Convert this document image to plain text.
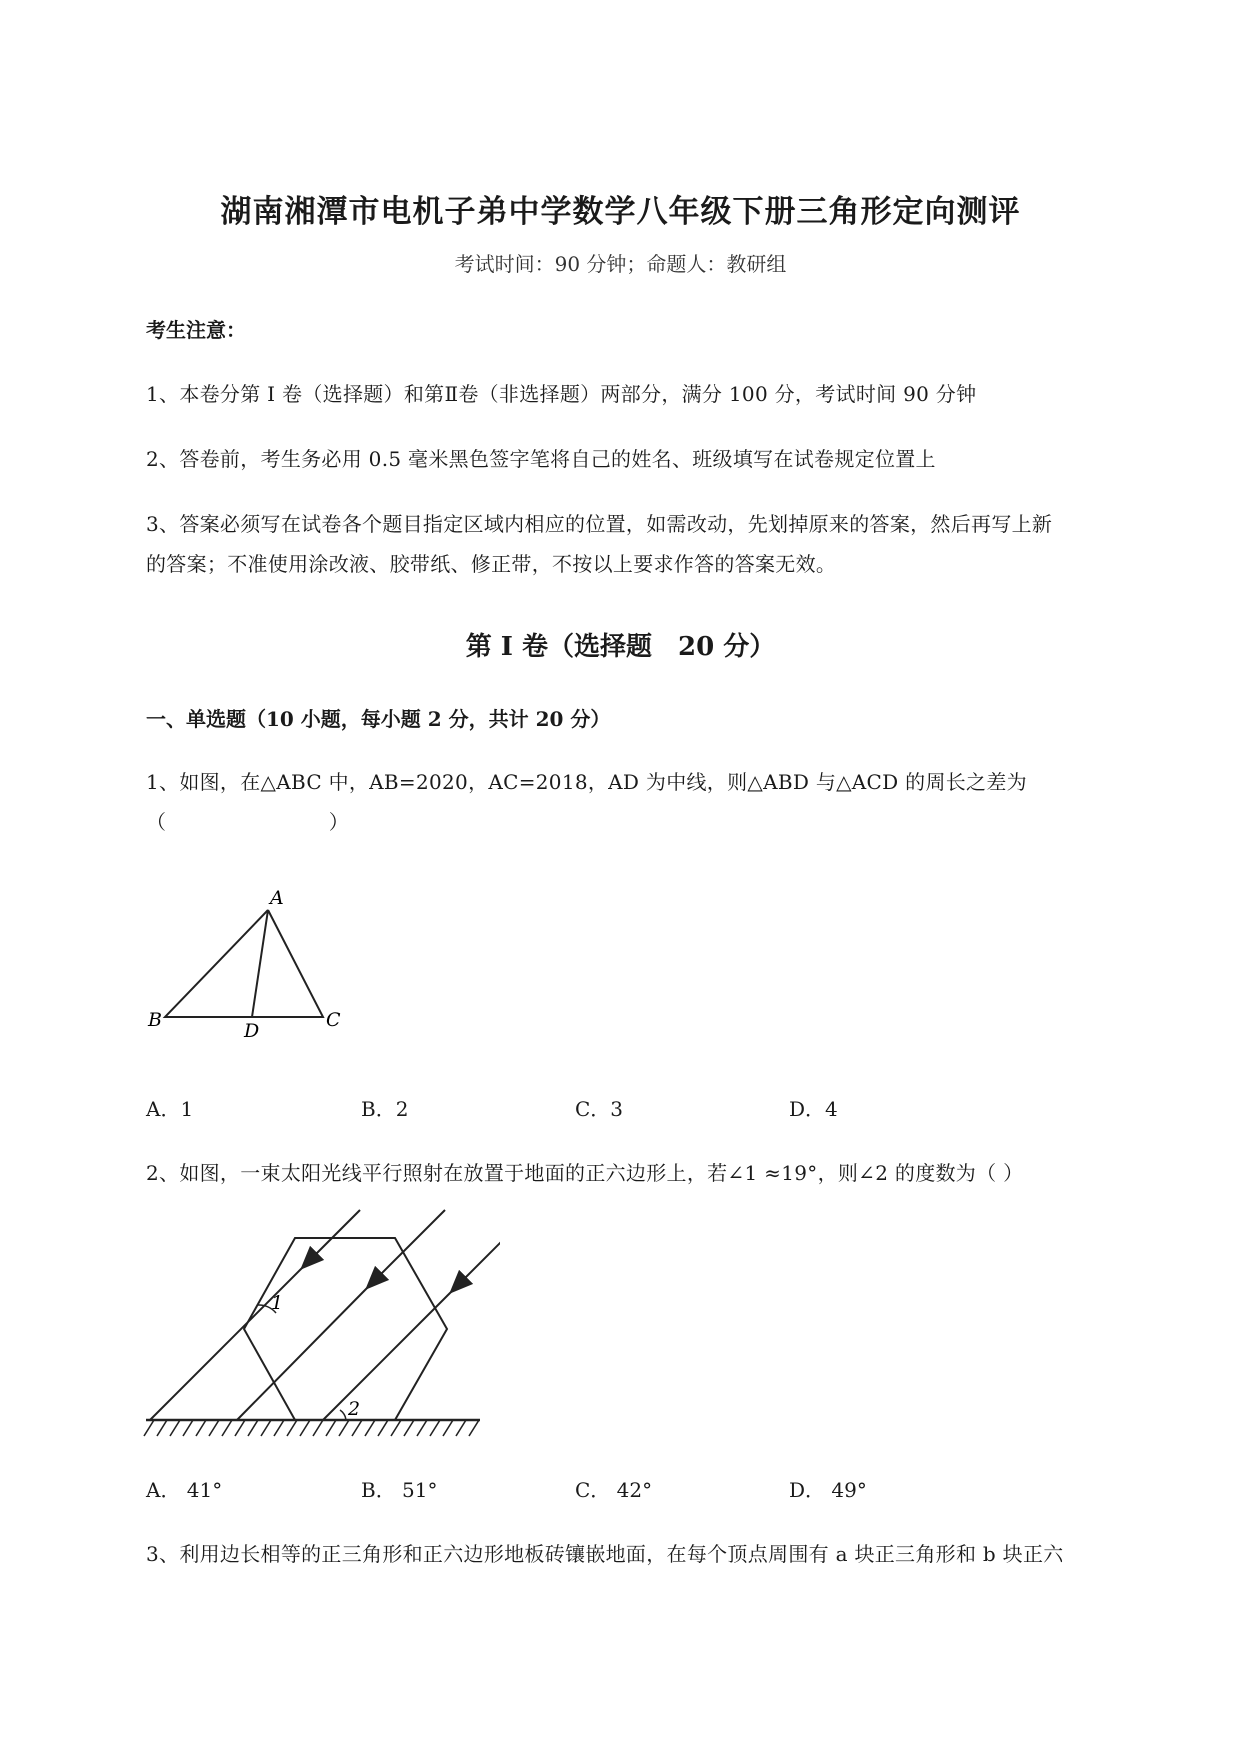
湖南湘潭市电机子弟中学数学八年级下册三角形定向测评
考试时间：90 分钟；命题人：教研组
考生注意：
1、本卷分第 I 卷（选择题）和第Ⅱ卷（非选择题）两部分，满分 100 分，考试时间 90 分钟
2、答卷前，考生务必用 0.5 毫米黑色签字笔将自己的姓名、班级填写在试卷规定位置上
3、答案必须写在试卷各个题目指定区域内相应的位置，如需改动，先划掉原来的答案，然后再写上新
的答案；不准使用涂改液、胶带纸、修正带，不按以上要求作答的答案无效。
第 I 卷（选择题　20 分）
一、单选题（10 小题，每小题 2 分，共计 20 分）
1、如图，在△ABC 中，AB=2020，AC=2018，AD 为中线，则△ABD 与△ACD 的周长之差为
（　　　　　　　　）
A
B	C
D
A．1	B．2	C．3	D．4
2、如图，一束太阳光线平行照射在放置于地面的正六边形上，若∠1 ≈19°，则∠2 的度数为（ ）
1
2
A． 41°	B． 51°	C． 42°	D． 49°
3、利用边长相等的正三角形和正六边形地板砖镶嵌地面，在每个顶点周围有 a 块正三角形和 b 块正六
